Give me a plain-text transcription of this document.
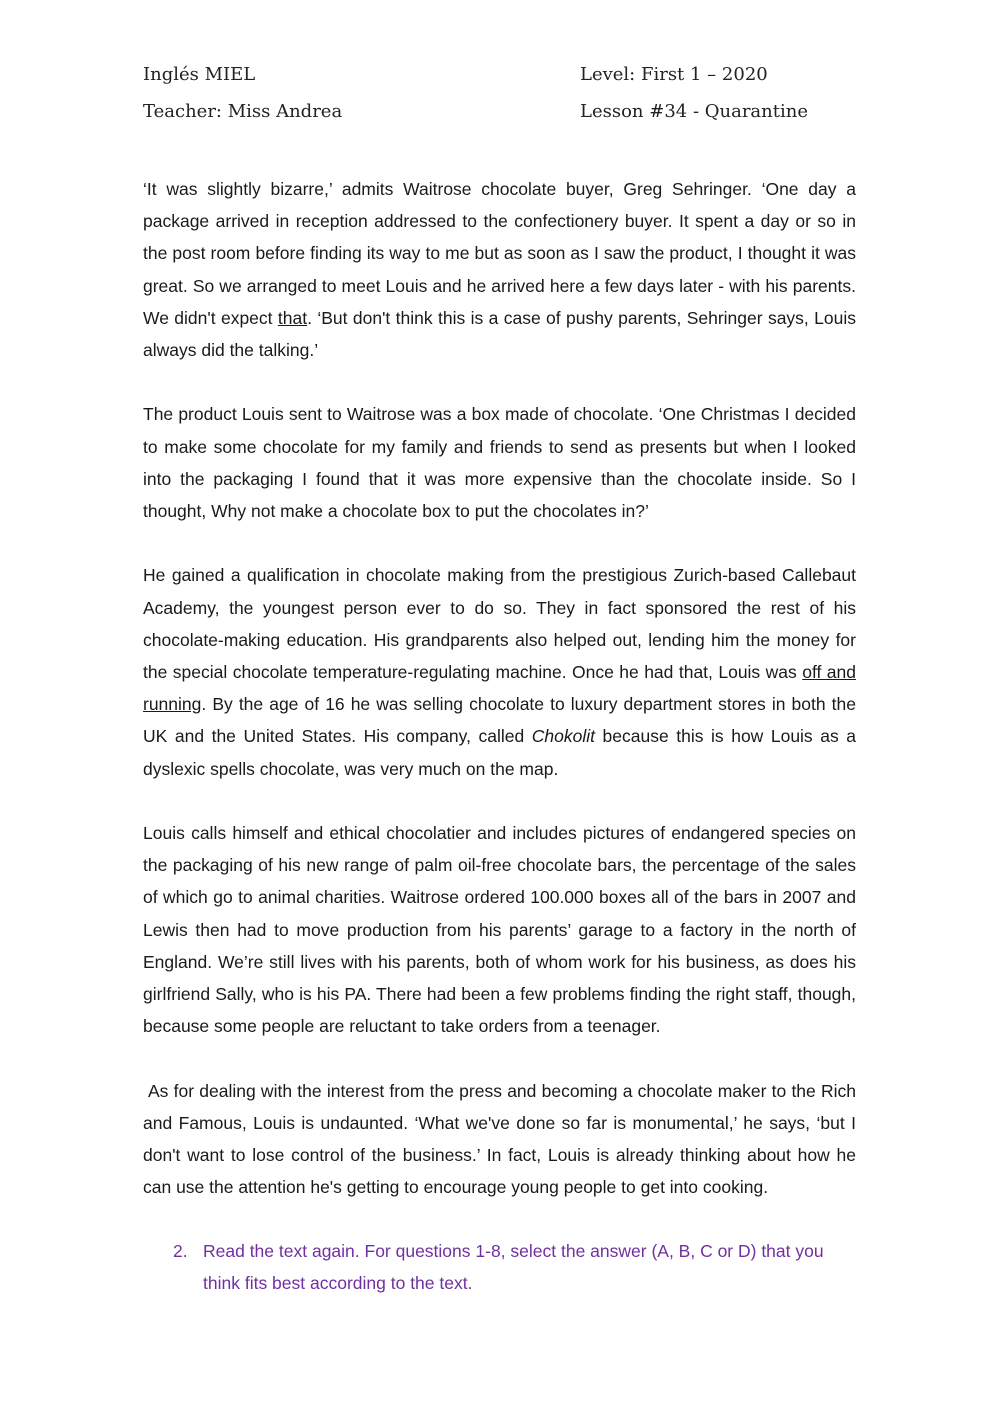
Inglés MIEL	Level: First 1 – 2020
Teacher: Miss Andrea	Lesson #34 - Quarantine

‘It was slightly bizarre,’ admits Waitrose chocolate buyer, Greg Sehringer. ‘One day a package arrived in reception addressed to the confectionery buyer. It spent a day or so in the post room before finding its way to me but as soon as I saw the product, I thought it was great. So we arranged to meet Louis and he arrived here a few days later - with his parents. We didn't expect that. ‘But don't think this is a case of pushy parents, Sehringer says, Louis always did the talking.’

The product Louis sent to Waitrose was a box made of chocolate. ‘One Christmas I decided to make some chocolate for my family and friends to send as presents but when I looked into the packaging I found that it was more expensive than the chocolate inside. So I thought, Why not make a chocolate box to put the chocolates in?’

He gained a qualification in chocolate making from the prestigious Zurich-based Callebaut Academy, the youngest person ever to do so. They in fact sponsored the rest of his chocolate-making education. His grandparents also helped out, lending him the money for the special chocolate temperature-regulating machine. Once he had that, Louis was off and running. By the age of 16 he was selling chocolate to luxury department stores in both the UK and the United States. His company, called Chokolit because this is how Louis as a dyslexic spells chocolate, was very much on the map.

Louis calls himself and ethical chocolatier and includes pictures of endangered species on the packaging of his new range of palm oil-free chocolate bars, the percentage of the sales of which go to animal charities. Waitrose ordered 100.000 boxes all of the bars in 2007 and Lewis then had to move production from his parents’ garage to a factory in the north of England. We’re still lives with his parents, both of whom work for his business, as does his girlfriend Sally, who is his PA. There had been a few problems finding the right staff, though, because some people are reluctant to take orders from a teenager.

As for dealing with the interest from the press and becoming a chocolate maker to the Rich and Famous, Louis is undaunted. ‘What we've done so far is monumental,’ he says, ‘but I don't want to lose control of the business.’ In fact, Louis is already thinking about how he can use the attention he's getting to encourage young people to get into cooking.

2. Read the text again. For questions 1-8, select the answer (A, B, C or D) that you think fits best according to the text.
